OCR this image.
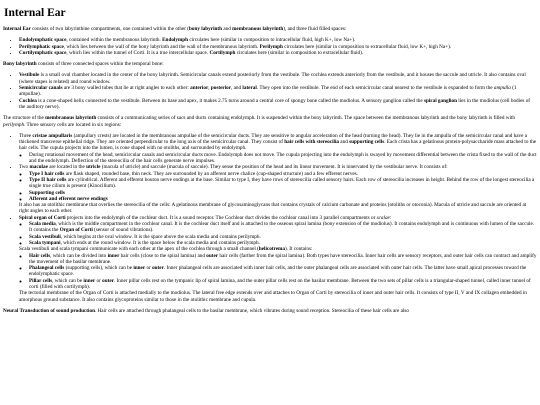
Internal Ear

Internal Ear consists of two labyrinthine compartments, one contained within the other (bony labyrinth and membranous labyrinth), and three fluid filled spaces:

• Endolymphatic space, contained within the membranous labyrinth. Endolymph circulates here (similar in composition to intracellular fluid, high K+, low Na+).
• Perilymphatic space, which lies between the wall of the bony labyrinth and the wall of the membranous labyrinth. Perilymph circulates here (similar in composition to extracellular fluid, low K+, high Na+).
• Cortilymphatic space, which lies within the tunnel of Corti. It is a true intercellular space. Cortilymph circulates here (similar in composition to extracellular fluid).

Bony labyrinth consists of three connected spaces within the temporal bone:

• Vestibule is a small oval chamber located in the center of the bony labyrinth. Semicircular canals extend posteriorly from the vestibule. The cochlea extends anteriorly from the vestibule, and it houses the saccule and utricle. It also contains oval (where stapes is related) and round window.
• Semicircular canals are 3 bony walled tubes that lie at right angles to each other: anterior, posterior, and lateral. They open into the vestibule. The end of each semicircular canal nearest to the vestibule is expanded to form the ampulla (1 ampullae).
• Cochlea is a cone-shaped helix connected to the vestibule. Between its base and apex, it makes 2.75 turns around a central core of spongy bone called the modiolus. A sensory ganglion called the spiral ganglion lies in the modiolus (cell bodies of the auditory nerve).

The structure of the membranous labyrinth consists of a communicating series of sacs and ducts containing endolymph. It is suspended within the bony labyrinth. The space between the membranous labyrinth and the bony labyrinth is filled with perilymph. Three sensory cells are located in six regions:

• Three cristae ampullaris (ampullary crests) are located in the membranous ampullae of the semicircular ducts. They are sensitive to angular acceleration of the head (turning the head). They lie in the ampulla of the semicircular canal and have a thickened transverse epithelial ridge. They are oriented perpendicular to the long axis of the semicircular canal. They consist of hair cells with stereocilia and supporting cells. Each crista has a gelatinous protein-polysaccharide mass attached to the hair cells. The cupula projects into the lumen, is cone shaped with no otoliths, and surrounded by endolymph.
◦ During rotational movement of the head, semicircular canals and semicircular ducts move. Endolymph does not move. The cupula projecting into the endolymph is swayed by movement differential between the crista fixed to the wall of the duct and the endolymph. Deflection of the stereocilia of the hair cells generate nerve impulses.
• Two maculae are located in the utricle (macula of utricle) and saccule (macula of saccule). They sense the position of the head and its linear movement. It is innervated by the vestibular nerve. It consists of:
◦ Type I hair cells are flask shaped, rounded base, thin neck. They are surrounded by an afferent nerve chalice (cup-shaped structure) and a few efferent nerves.
◦ Type II hair cells are cylindrical. Afferent and efferent bouton nerve endings at the base. Similar to type I, they have rows of stereocilia called sensory hairs. Each row of stereocilia increases in height. Behind the row of the longest stereocilia a single true cilium is present (Kinocilium).
◦ Supporting cells
◦ Afferent and efferent nerve endings
It also has an otolithic membrane that overlies the stereocilia of the cells: A gelatinous membrane of glycosaminoglycans that contains crystals of calcium carbonate and proteins (otoliths or otoconia). Macula of utricle and saccule are oriented at right angles to each other.
• Spiral organ of Corti projects into the endolymph of the cochlear duct. It is a sound receptor. The Cochlear duct divides the cochlear canal into 3 parallel compartments or scalae:
◦ Scala media, which is the middle compartment in the cochlear canal. It is the cochlear duct itself and is attached to the osseous spiral lamina (bony extension of the modiolus). It contains endolymph and is continuous with lumen of the saccule. It contains the Organ of Corti (sensor of sound vibrations).
◦ Scala vestibuli, which begins at the oval window. It is the space above the scala media and contains perilymph.
◦ Scala tympani, which ends at the round window. It is the space below the scala media and contains perilymph.
Scala vestibuli and scala tympani communicate with each other at the apex of the cochlea through a small channel (helicotrema). It contains:
◦ Hair cells, which can be divided into inner hair cells (close to the spiral lamina) and outer hair cells (farther from the spiral lamina). Both types have stereocilia. Inner hair cells are sensory receptors, and outer hair cells can contract and amplify the movement of the basilar membrane.
◦ Phalangeal cells (supporting cells), which can be inner or outer. Inner phalangeal cells are associated with inner hair cells, and the outer phalangeal cells are associated with outer hair cells. The latter have small apical processes toward the endolymphatic space.
◦ Pillar cells, which can be inner or outer. Inner pillar cells rest on the tympanic lip of spiral lamina, and the outer pillar cells rest on the basilar membrane. Between the two sets of pillar cells is a triangular-shaped tunnel, called inner tunnel of corti (filled with cortilymph).
The tectorial membrane of the Organ of Corti is attached medially to the modiolus. The lateral free edge extends over and attaches to Organ of Corti by stereocilia of inner and outer hair cells. It consists of type II, V and IX collagen embedded in amorphous ground substance. It also contains glycoproteins similar to those in the otolithic membrane and cupula.

Neural Transduction of sound production. Hair cells are attached through phalangeal cells to the basilar membrane, which vibrates during sound reception. Stereocilia of these hair cells are also
